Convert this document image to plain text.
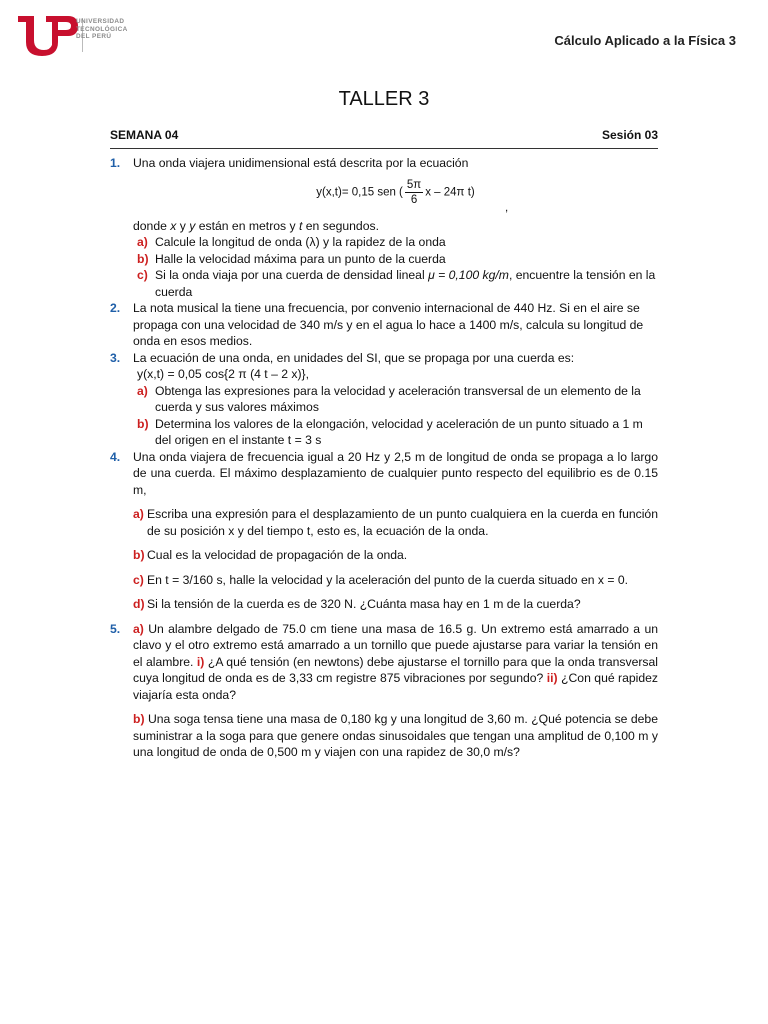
UNIVERSIDAD
TECNOLÓGICA
DEL PERÚ	Cálculo Aplicado a la Física 3
TALLER 3
SEMANA 04	Sesión 03
1. Una onda viajera unidimensional está descrita por la ecuación
y(x,t)= 0,15 sen ( $\frac{5\pi}{6}$ x – 24π t)
,
donde x y y están en metros y t en segundos.
a) Calcule la longitud de onda (λ) y la rapidez de la onda
b) Halle la velocidad máxima para un punto de la cuerda
c) Si la onda viaja por una cuerda de densidad lineal μ = 0,100 kg/m, encuentre la tensión en la cuerda
2. La nota musical la tiene una frecuencia, por convenio internacional de 440 Hz. Si en el aire se propaga con una velocidad de 340 m/s y en el agua lo hace a 1400 m/s, calcula su longitud de onda en esos medios.
3. La ecuación de una onda, en unidades del SI, que se propaga por una cuerda es:
y(x,t) = 0,05 cos{2 π (4 t – 2 x)},
a) Obtenga las expresiones para la velocidad y aceleración transversal de un elemento de la cuerda y sus valores máximos
b) Determina los valores de la elongación, velocidad y aceleración de un punto situado a 1 m del origen en el instante t = 3 s
4. Una onda viajera de frecuencia igual a 20 Hz y 2,5 m de longitud de onda se propaga a lo largo de una cuerda. El máximo desplazamiento de cualquier punto respecto del equilibrio es de 0.15 m,
a) Escriba una expresión para el desplazamiento de un punto cualquiera en la cuerda en función de su posición x y del tiempo t, esto es, la ecuación de la onda.
b) Cual es la velocidad de propagación de la onda.
c) En t = 3/160 s, halle la velocidad y la aceleración del punto de la cuerda situado en x = 0.
d) Si la tensión de la cuerda es de 320 N. ¿Cuánta masa hay en 1 m de la cuerda?
5. a) Un alambre delgado de 75.0 cm tiene una masa de 16.5 g. Un extremo está amarrado a un clavo y el otro extremo está amarrado a un tornillo que puede ajustarse para variar la tensión en el alambre. i) ¿A qué tensión (en newtons) debe ajustarse el tornillo para que la onda transversal cuya longitud de onda es de 3,33 cm registre 875 vibraciones por segundo? ii) ¿Con qué rapidez viajaría esta onda?
b) Una soga tensa tiene una masa de 0,180 kg y una longitud de 3,60 m. ¿Qué potencia se debe suministrar a la soga para que genere ondas sinusoidales que tengan una amplitud de 0,100 m y una longitud de onda de 0,500 m y viajen con una rapidez de 30,0 m/s?
